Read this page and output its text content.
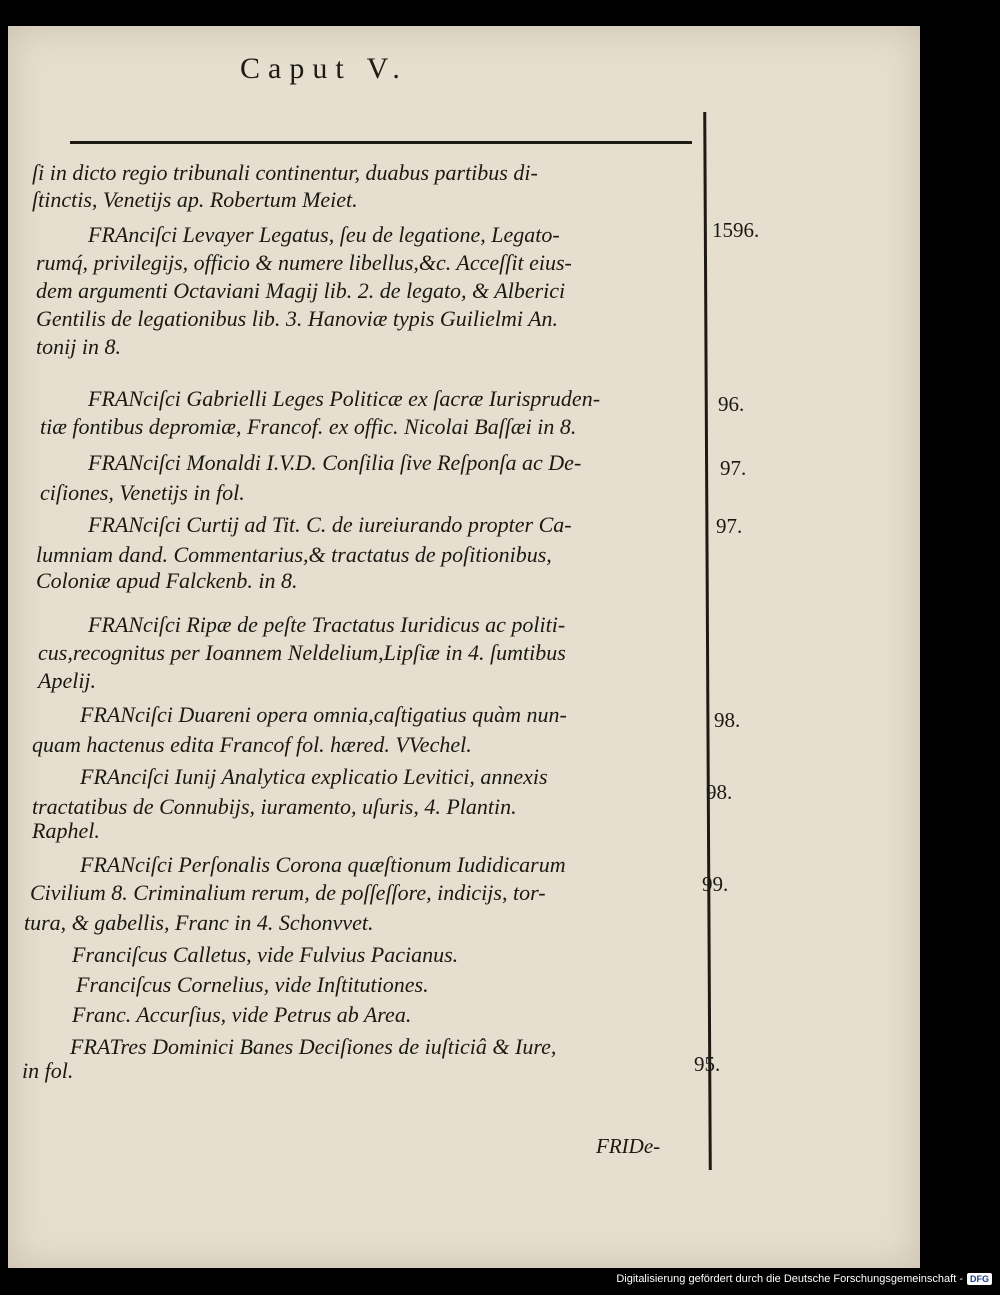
Caput V.
ſi in dicto regio tribunali continentur, duabus partibus di-
ſtinctis, Venetijs ap. Robertum Meiet.
FRAnciſci Levayer Legatus, ſeu de legatione, Legato-
rumq́, privilegijs, officio & numere libellus,&c. Acceſſit eius-
dem argumenti Octaviani Magij lib. 2. de legato, & Alberici
Gentilis de legationibus lib. 3. Hanoviæ typis Guilielmi An.
tonij in 8.
1596.
FRANciſci Gabrielli Leges Politicæ ex ſacræ Iurispruden-
tiæ fontibus depromiæ, Francof. ex offic. Nicolai Baſſæi in 8.
96.
FRANciſci Monaldi I.V.D. Conſilia ſive Reſponſa ac De-
ciſiones, Venetijs in fol.
97.
FRANciſci Curtij ad Tit. C. de iureiurando propter Ca-
lumniam dand. Commentarius,& tractatus de poſitionibus,
Coloniæ apud Falckenb. in 8.
97.
FRANciſci Ripæ de peſte Tractatus Iuridicus ac politi-
cus,recognitus per Ioannem Neldelium,Lipſiæ in 4. ſumtibus
Apelij.
FRANciſci Duareni opera omnia,caſtigatius quàm nun-
quam hactenus edita Francof fol. hæred. VVechel.
98.
FRAnciſci Iunij Analytica explicatio Levitici, annexis
tractatibus de Connubijs, iuramento, uſuris, 4. Plantin.
Raphel.
98.
FRANciſci Perſonalis Corona quæſtionum Iudidicarum
Civilium 8. Criminalium rerum, de poſſeſſore, indicijs, tor-
tura, & gabellis, Franc in 4. Schonvvet.
99.
Franciſcus Calletus, vide Fulvius Pacianus.
Franciſcus Cornelius, vide Inſtitutiones.
Franc. Accurſius, vide Petrus ab Area.
FRATres Dominici Banes Deciſiones de iuſticiâ & Iure,
in fol.	95.
FRIDe-
Digitalisierung gefördert durch die Deutsche Forschungsgemeinschaft - DFG
